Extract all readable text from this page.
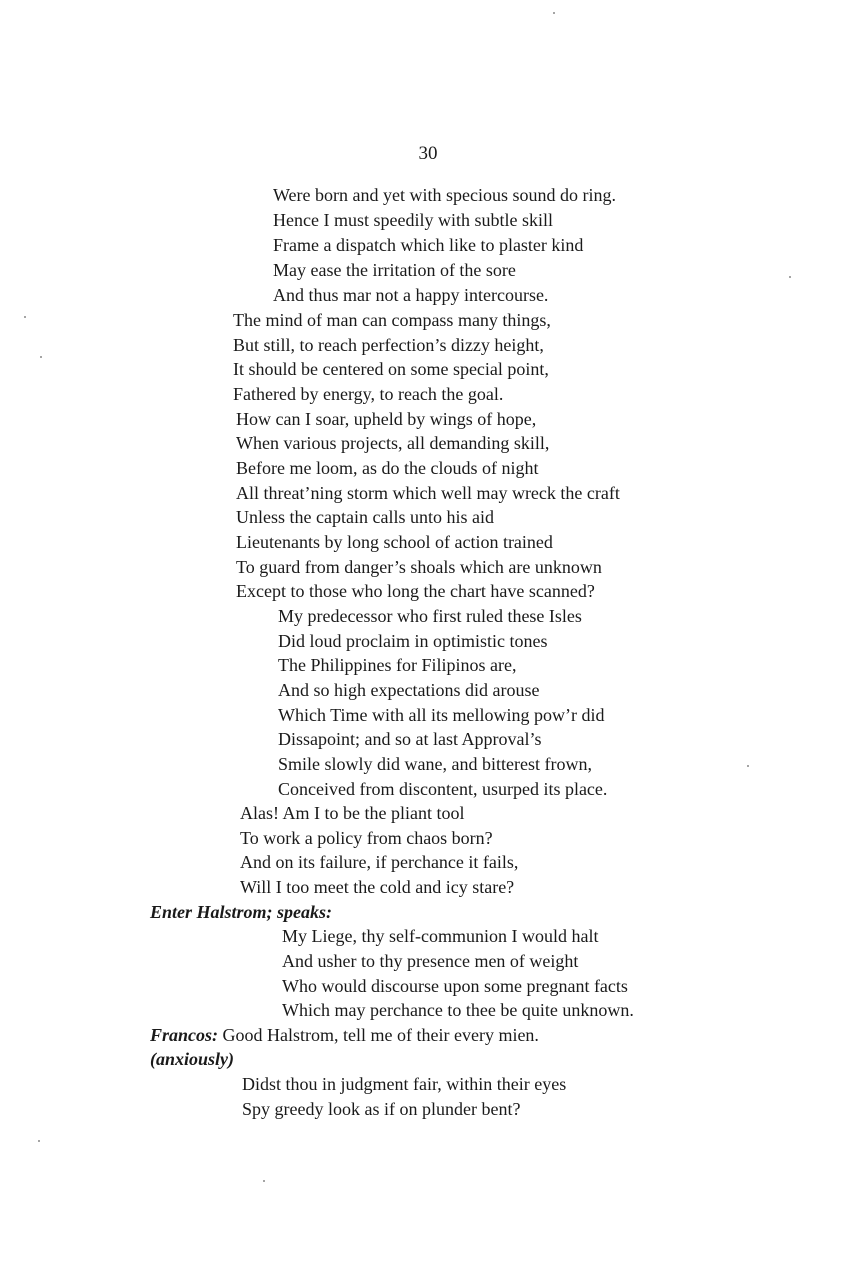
30
Were born and yet with specious sound do ring.
Hence I must speedily with subtle skill
Frame a dispatch which like to plaster kind
May ease the irritation of the sore
And thus mar not a happy intercourse.
The mind of man can compass many things,
But still, to reach perfection’s dizzy height,
It should be centered on some special point,
Fathered by energy, to reach the goal.
How can I soar, upheld by wings of hope,
When various projects, all demanding skill,
Before me loom, as do the clouds of night
All threat’ning storm which well may wreck the craft
Unless the captain calls unto his aid
Lieutenants by long school of action trained
To guard from danger’s shoals which are unknown
Except to those who long the chart have scanned?
My predecessor who first ruled these Isles
Did loud proclaim in optimistic tones
The Philippines for Filipinos are,
And so high expectations did arouse
Which Time with all its mellowing pow’r did
Dissapoint; and so at last Approval’s
Smile slowly did wane, and bitterest frown,
Conceived from discontent, usurped its place.
Alas! Am I to be the pliant tool
To work a policy from chaos born?
And on its failure, if perchance it fails,
Will I too meet the cold and icy stare?
Enter Halstrom; speaks:
My Liege, thy self-communion I would halt
And usher to thy presence men of weight
Who would discourse upon some pregnant facts
Which may perchance to thee be quite unknown.
Francos: Good Halstrom, tell me of their every mien.
(anxiously)
Didst thou in judgment fair, within their eyes
Spy greedy look as if on plunder bent?
